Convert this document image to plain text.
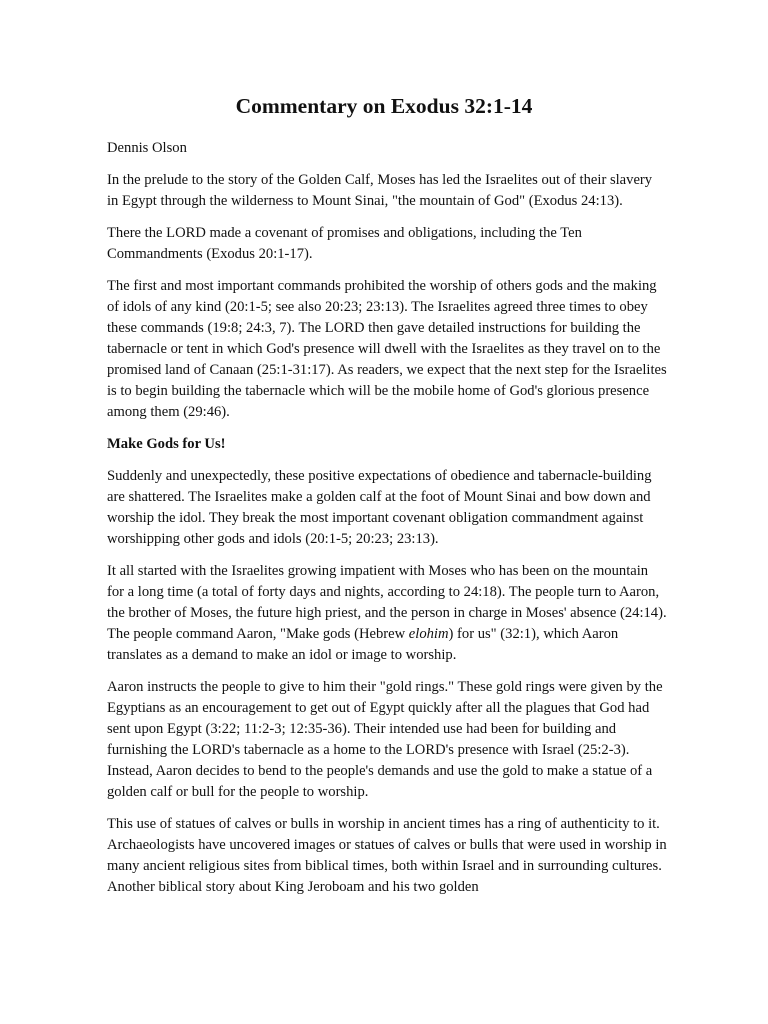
Commentary on Exodus 32:1-14

Dennis Olson

In the prelude to the story of the Golden Calf, Moses has led the Israelites out of their slavery in Egypt through the wilderness to Mount Sinai, "the mountain of God" (Exodus 24:13).

There the LORD made a covenant of promises and obligations, including the Ten Commandments (Exodus 20:1-17).

The first and most important commands prohibited the worship of others gods and the making of idols of any kind (20:1-5; see also 20:23; 23:13). The Israelites agreed three times to obey these commands (19:8; 24:3, 7). The LORD then gave detailed instructions for building the tabernacle or tent in which God's presence will dwell with the Israelites as they travel on to the promised land of Canaan (25:1-31:17). As readers, we expect that the next step for the Israelites is to begin building the tabernacle which will be the mobile home of God's glorious presence among them (29:46).

Make Gods for Us!

Suddenly and unexpectedly, these positive expectations of obedience and tabernacle-building are shattered. The Israelites make a golden calf at the foot of Mount Sinai and bow down and worship the idol. They break the most important covenant obligation commandment against worshipping other gods and idols (20:1-5; 20:23; 23:13).

It all started with the Israelites growing impatient with Moses who has been on the mountain for a long time (a total of forty days and nights, according to 24:18). The people turn to Aaron, the brother of Moses, the future high priest, and the person in charge in Moses' absence (24:14). The people command Aaron, "Make gods (Hebrew elohim) for us" (32:1), which Aaron translates as a demand to make an idol or image to worship.

Aaron instructs the people to give to him their "gold rings." These gold rings were given by the Egyptians as an encouragement to get out of Egypt quickly after all the plagues that God had sent upon Egypt (3:22; 11:2-3; 12:35-36). Their intended use had been for building and furnishing the LORD's tabernacle as a home to the LORD's presence with Israel (25:2-3). Instead, Aaron decides to bend to the people's demands and use the gold to make a statue of a golden calf or bull for the people to worship.

This use of statues of calves or bulls in worship in ancient times has a ring of authenticity to it. Archaeologists have uncovered images or statues of calves or bulls that were used in worship in many ancient religious sites from biblical times, both within Israel and in surrounding cultures. Another biblical story about King Jeroboam and his two golden
